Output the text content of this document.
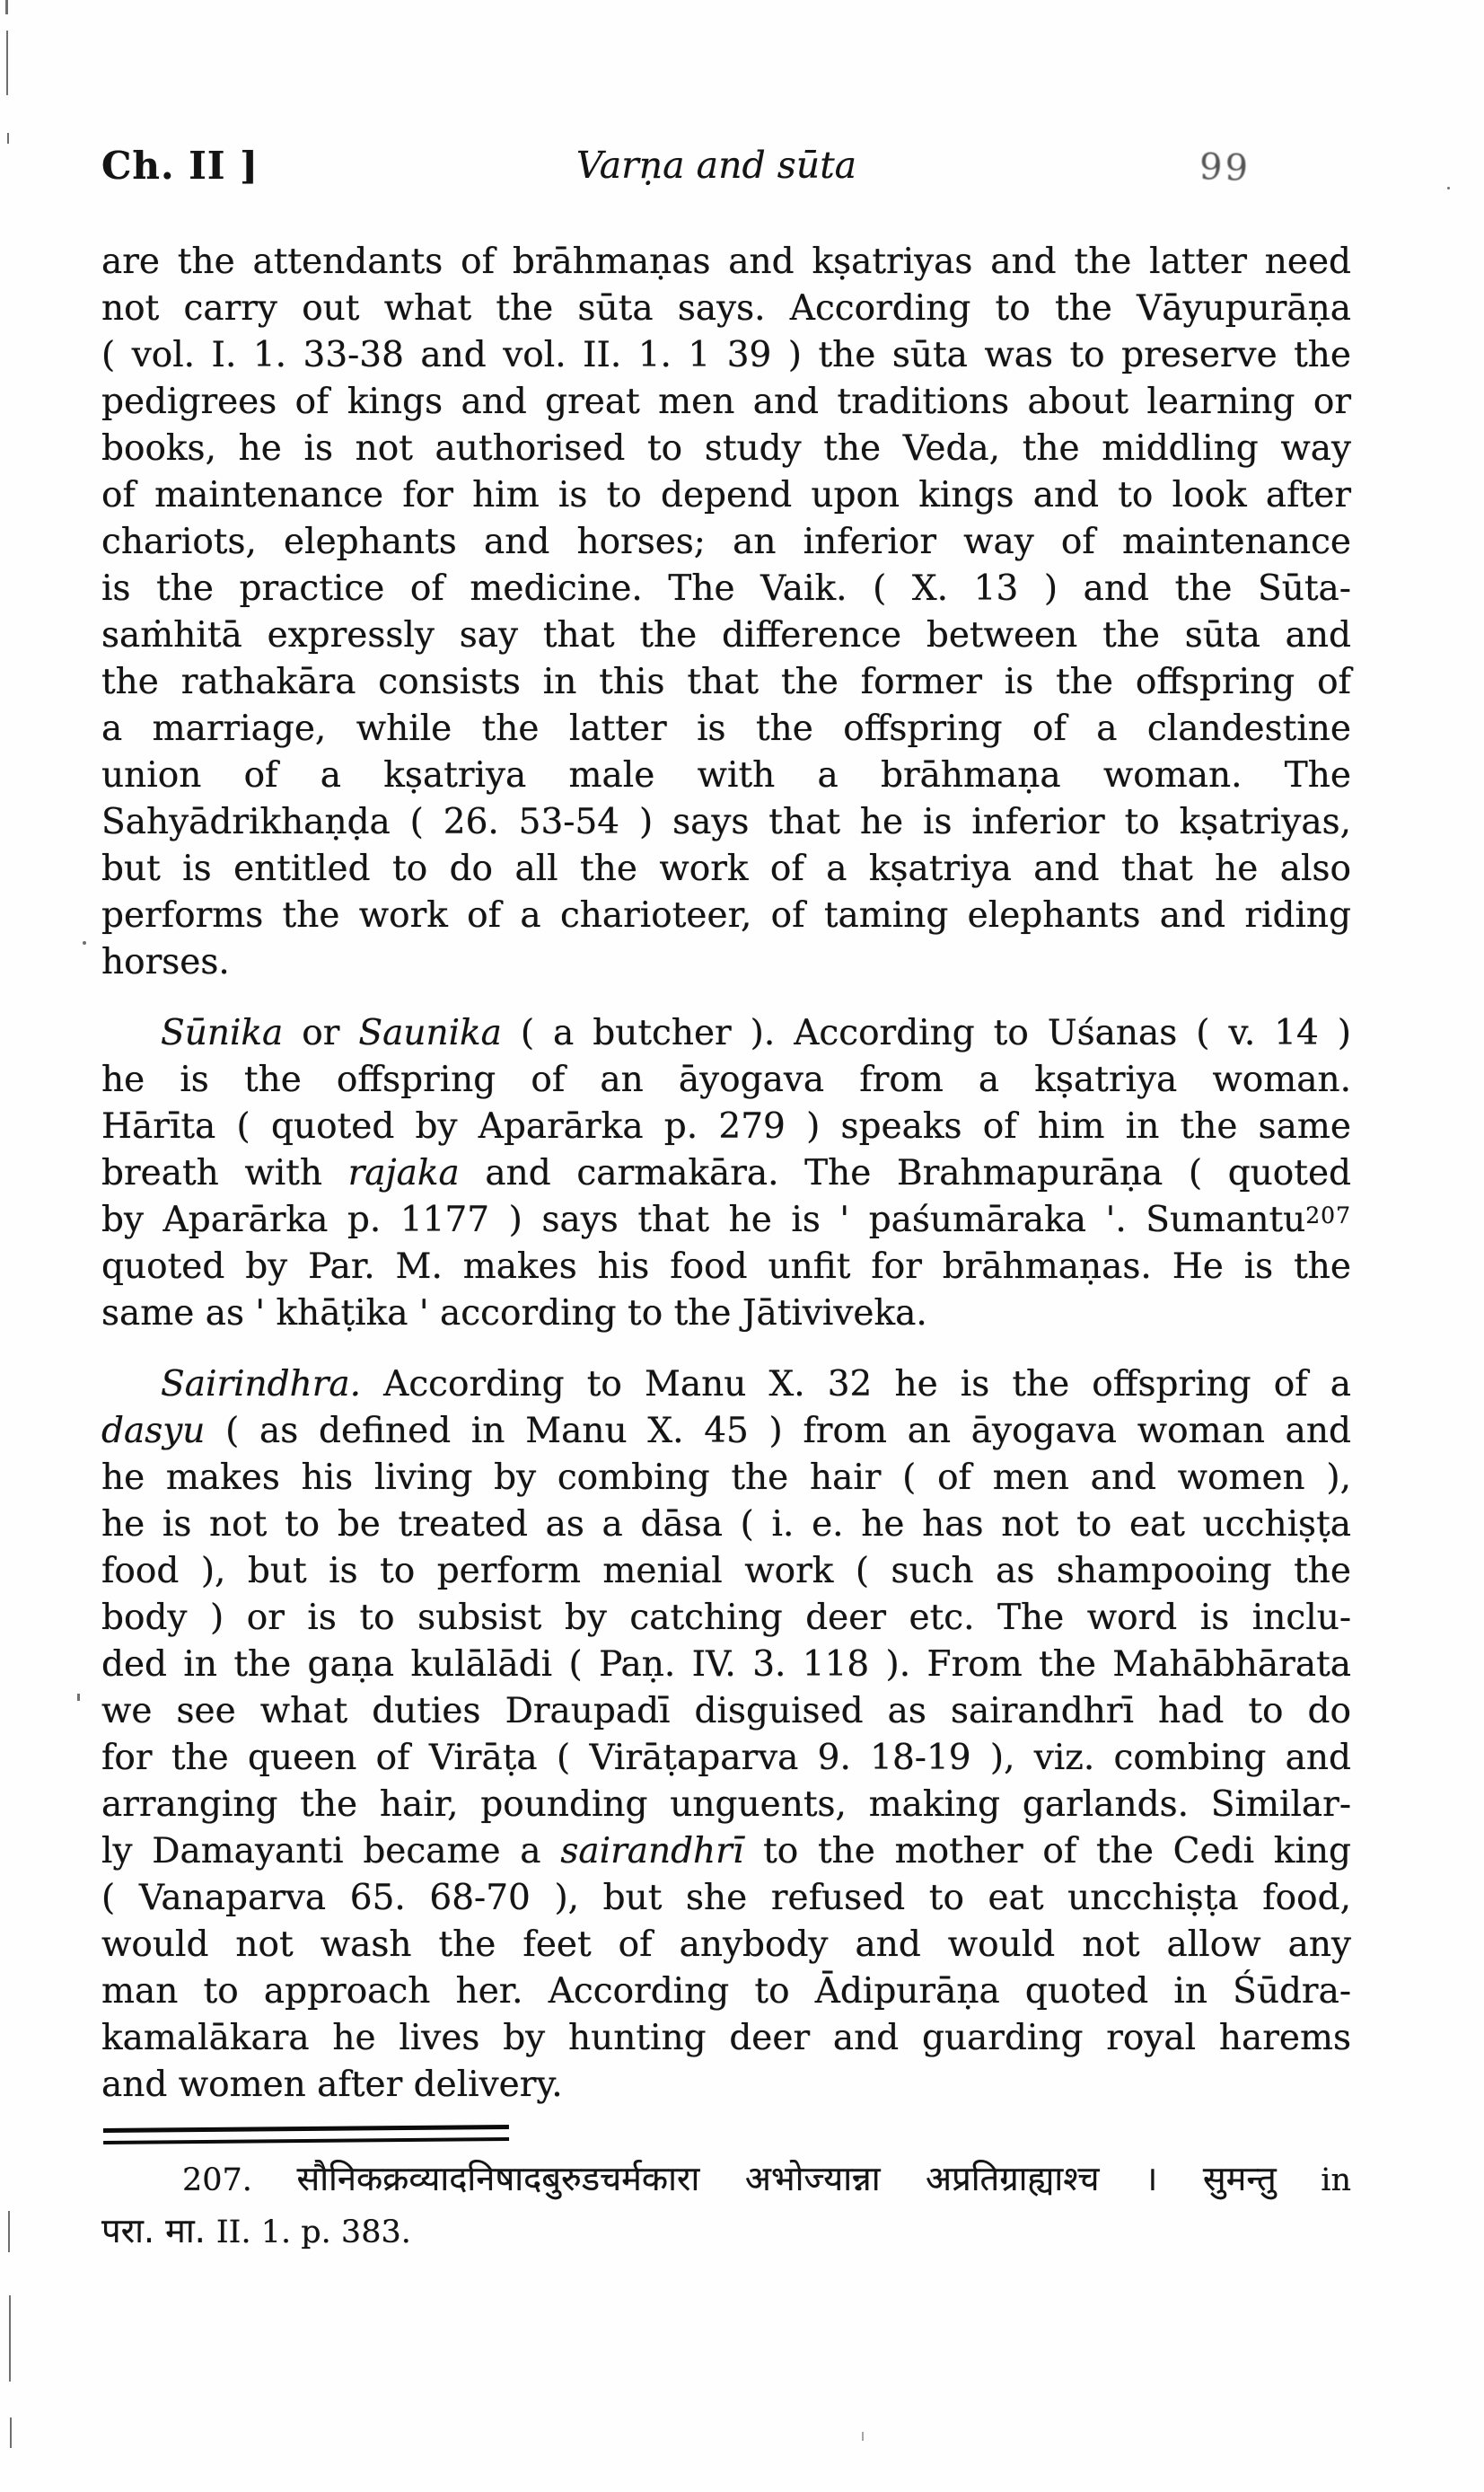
Ch. II ]	Varṇa and sūta	99

are the attendants of brāhmaṇas and kṣatriyas and the latter need
not carry out what the sūta says. According to the Vāyupurāṇa
( vol. I. 1. 33-38 and vol. II. 1. 1 39 ) the sūta was to preserve the
pedigrees of kings and great men and traditions about learning or
books, he is not authorised to study the Veda, the middling way
of maintenance for him is to depend upon kings and to look after
chariots, elephants and horses; an inferior way of maintenance
is the practice of medicine. The Vaik. ( X. 13 ) and the Sūta-
saṁhitā expressly say that the difference between the sūta and
the rathakāra consists in this that the former is the offspring of
a marriage, while the latter is the offspring of a clandestine
union of a kṣatriya male with a brāhmaṇa woman. The
Sahyādrikhaṇḍa ( 26. 53-54 ) says that he is inferior to kṣatriyas,
but is entitled to do all the work of a kṣatriya and that he also
performs the work of a charioteer, of taming elephants and riding
horses.

Sūnika or Saunika ( a butcher ). According to Uśanas ( v. 14 )
he is the offspring of an āyogava from a kṣatriya woman.
Hārīta ( quoted by Aparārka p. 279 ) speaks of him in the same
breath with rajaka and carmakāra. The Brahmapurāṇa ( quoted
by Aparārka p. 1177 ) says that he is ' paśumāraka '. Sumantu$^{207}$
quoted by Par. M. makes his food unfit for brāhmaṇas. He is the
same as ' khāṭika ' according to the Jātiviveka.

Sairindhra. According to Manu X. 32 he is the offspring of a
dasyu ( as defined in Manu X. 45 ) from an āyogava woman and
he makes his living by combing the hair ( of men and women ),
he is not to be treated as a dāsa ( i. e. he has not to eat ucchiṣṭa
food ), but is to perform menial work ( such as shampooing the
body ) or is to subsist by catching deer etc. The word is inclu-
ded in the gaṇa kulālādi ( Paṇ. IV. 3. 118 ). From the Mahābhārata
we see what duties Draupadī disguised as sairandhrī had to do
for the queen of Virāṭa ( Virāṭaparva 9. 18-19 ), viz. combing and
arranging the hair, pounding unguents, making garlands. Similar-
ly Damayanti became a sairandhrī to the mother of the Cedi king
( Vanaparva 65. 68-70 ), but she refused to eat uncchiṣṭa food,
would not wash the feet of anybody and would not allow any
man to approach her. According to Ādipurāṇa quoted in Śūdra-
kamalākara he lives by hunting deer and guarding royal harems
and women after delivery.

207. सौनिकक्रव्यादनिषादबुरुडचर्मकारा अभोज्यान्ना अप्रतिग्राह्याश्च । सुमन्तु in
परा. मा. II. 1. p. 383.
